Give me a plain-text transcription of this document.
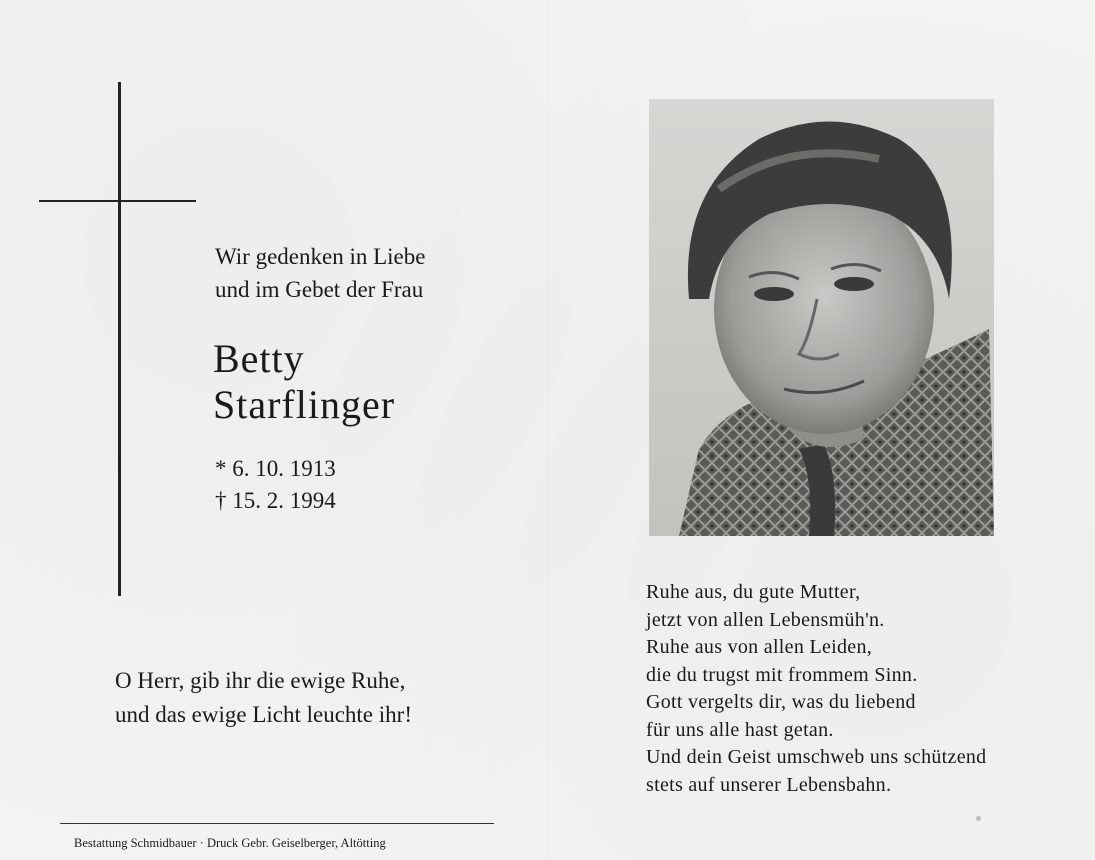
Wir gedenken in Liebe
und im Gebet der Frau
Betty
Starflinger
* 6. 10. 1913
† 15. 2. 1994
O Herr, gib ihr die ewige Ruhe,
und das ewige Licht leuchte ihr!
Bestattung Schmidbauer · Druck Gebr. Geiselberger, Altötting
Ruhe aus, du gute Mutter,
jetzt von allen Lebensmüh'n.
Ruhe aus von allen Leiden,
die du trugst mit frommem Sinn.
Gott vergelts dir, was du liebend
für uns alle hast getan.
Und dein Geist umschweb uns schützend
stets auf unserer Lebensbahn.
